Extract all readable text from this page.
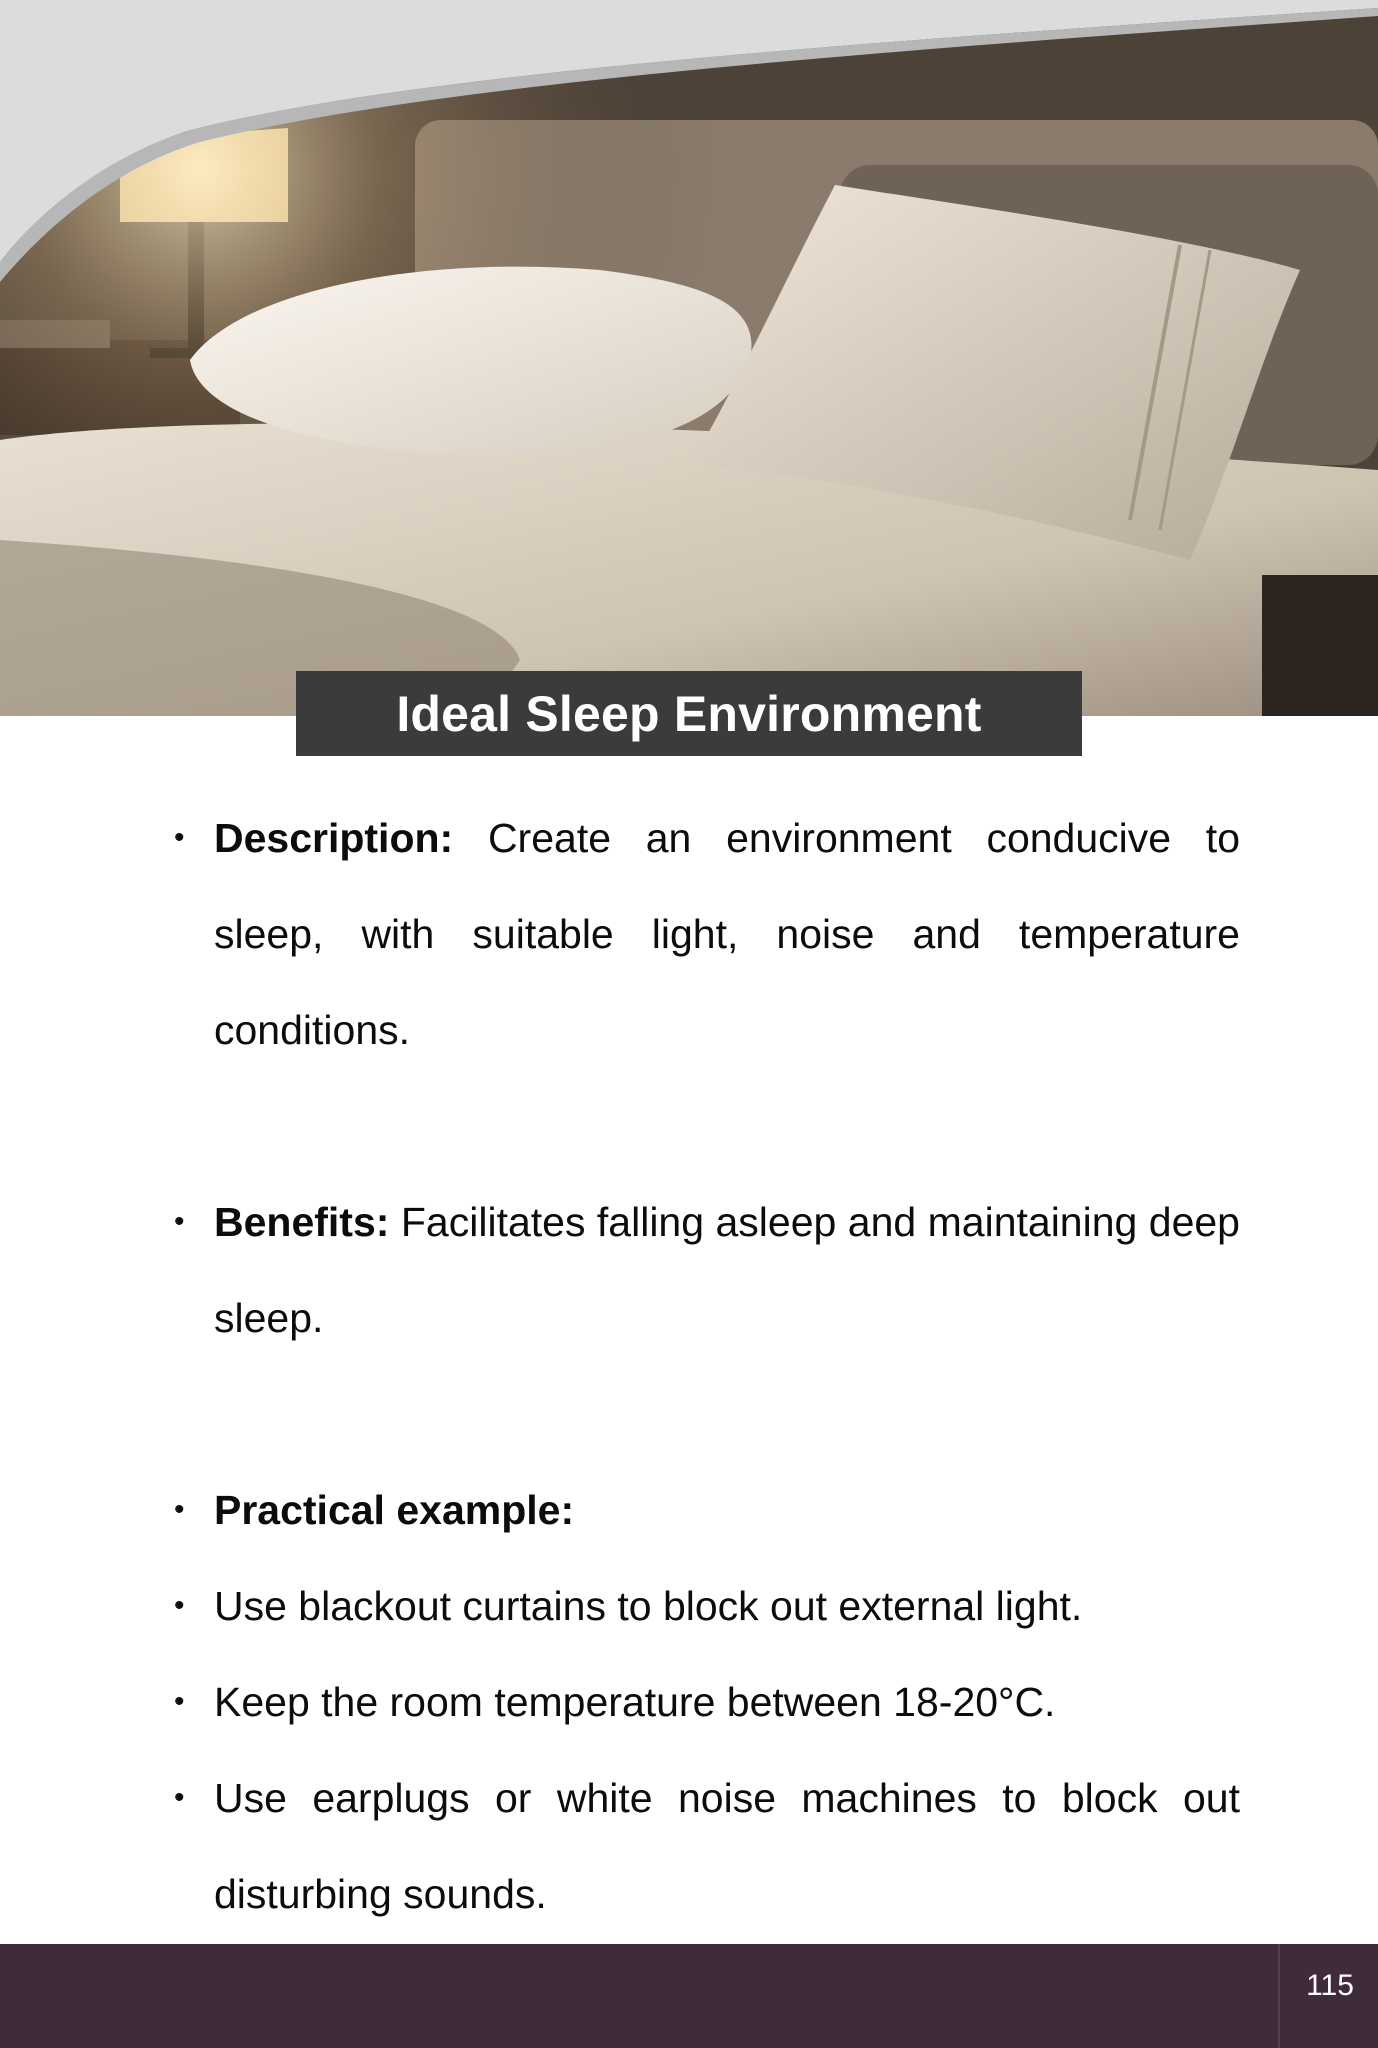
Ideal Sleep Environment
• Description: Create an environment conducive to sleep, with suitable light, noise and temperature conditions.
• Benefits: Facilitates falling asleep and maintaining deep sleep.
• Practical example:
• Use blackout curtains to block out external light.
• Keep the room temperature between 18-20°C.
• Use earplugs or white noise machines to block out disturbing sounds.
115
